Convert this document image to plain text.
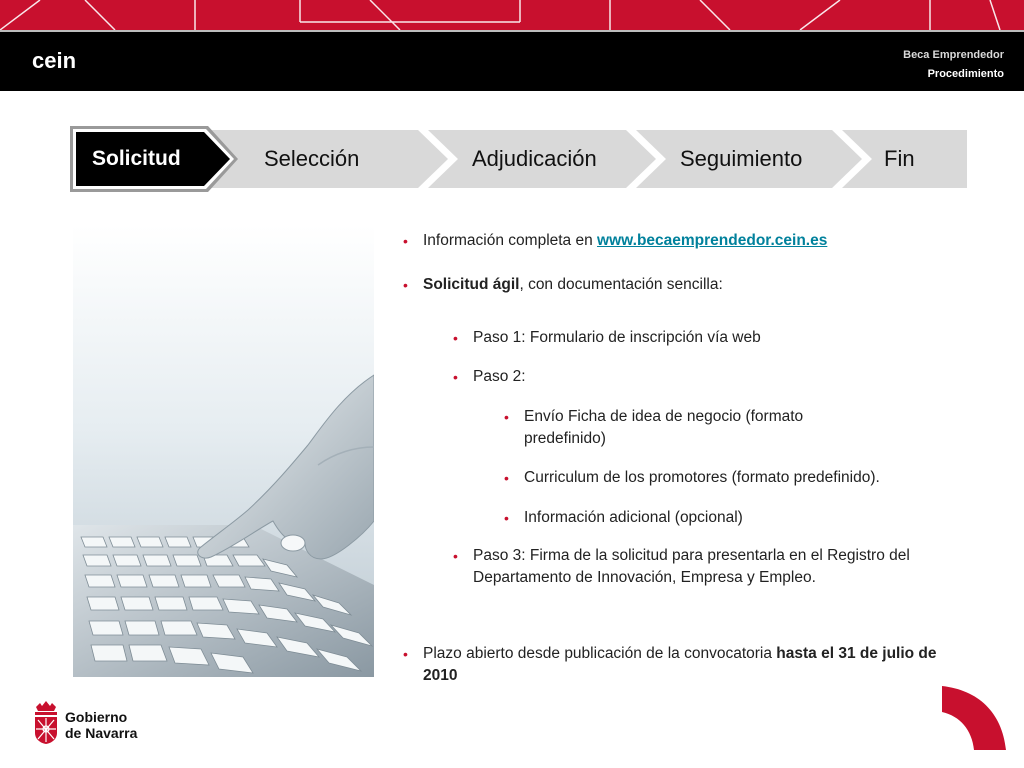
cein	Beca Emprendedor
Procedimiento
Solicitud	Selección	Adjudicación	Seguimiento	Fin
• Información completa en www.becaemprendedor.cein.es

• Solicitud ágil, con documentación sencilla:

• Paso 1: Formulario de inscripción vía web

• Paso 2:

• Envío Ficha de idea de negocio (formato predefinido)

• Curriculum de los promotores (formato predefinido).

• Información adicional (opcional)

• Paso 3: Firma de la solicitud para presentarla en el Registro del Departamento de Innovación, Empresa y Empleo.

• Plazo abierto desde publicación de la convocatoria hasta el 31 de julio de 2010

Gobierno
de Navarra
